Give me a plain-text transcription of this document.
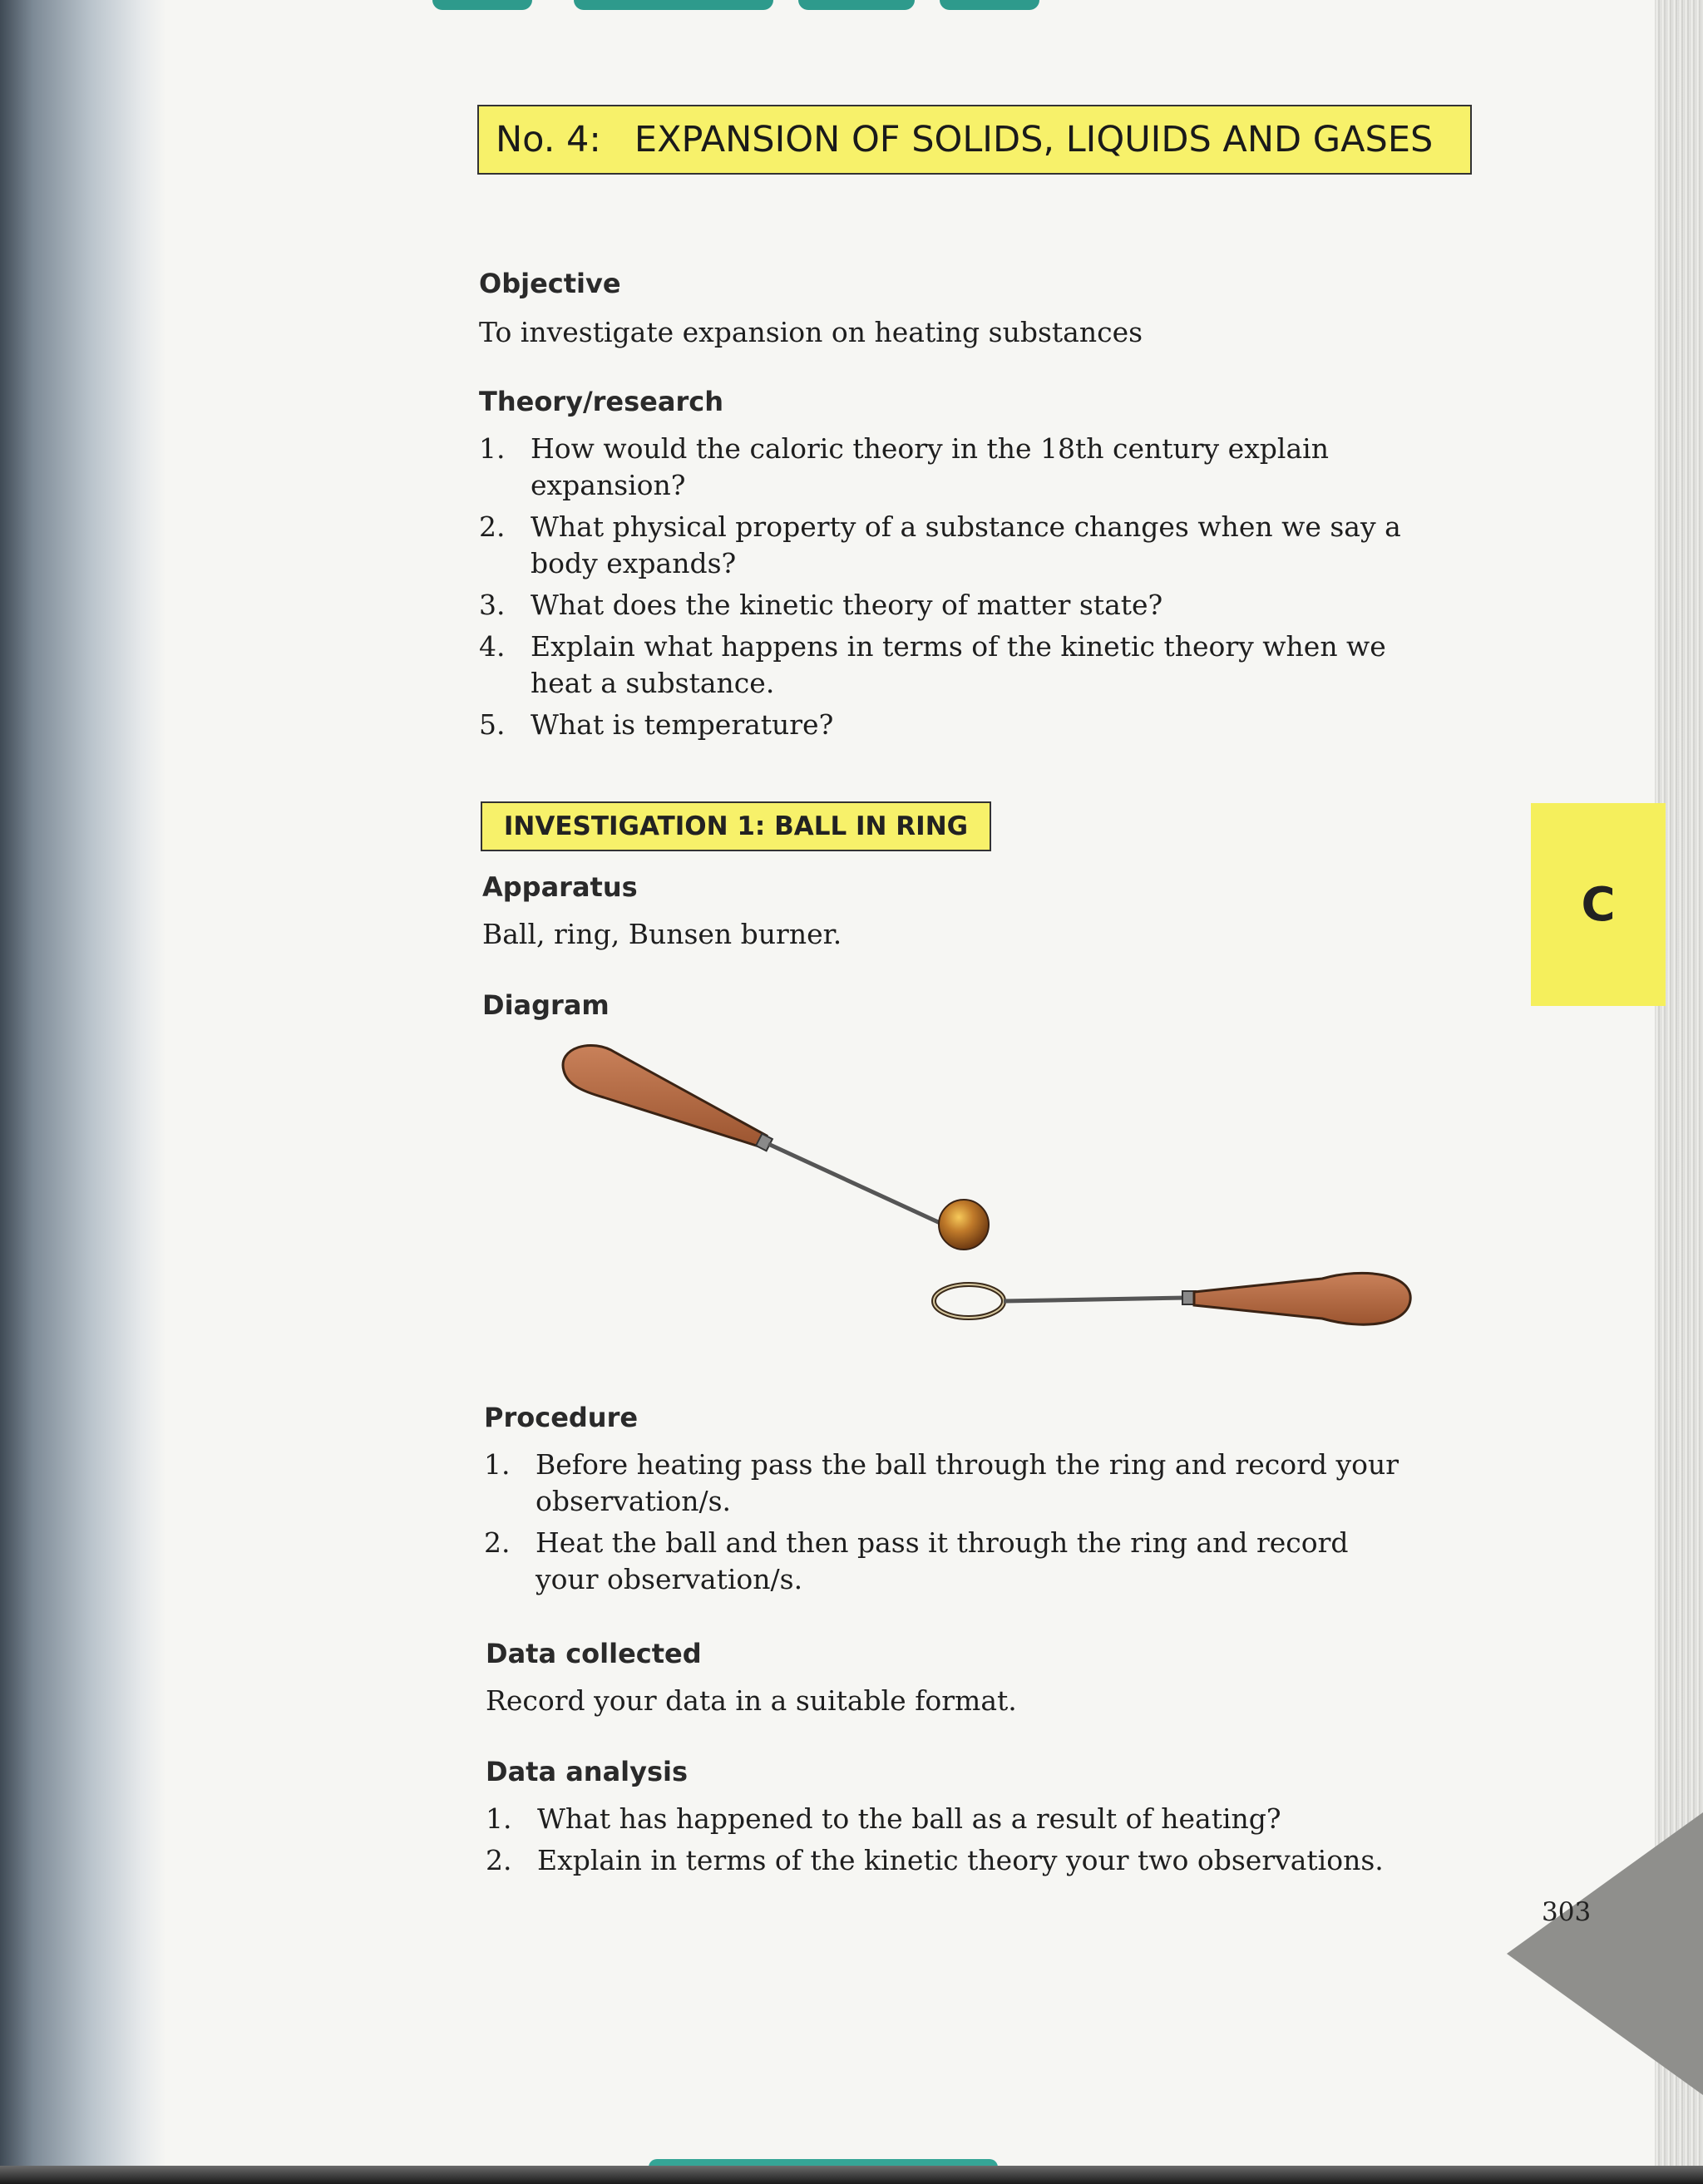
No. 4: EXPANSION OF SOLIDS, LIQUIDS AND GASES
Objective
To investigate expansion on heating substances
Theory/research
1. How would the caloric theory in the 18th century explain expansion?
2. What physical property of a substance changes when we say a body expands?
3. What does the kinetic theory of matter state?
4. Explain what happens in terms of the kinetic theory when we heat a substance.
5. What is temperature?
INVESTIGATION 1: BALL IN RING
C
Apparatus
Ball, ring, Bunsen burner.
Diagram
Procedure
1. Before heating pass the ball through the ring and record your observation/s.
2. Heat the ball and then pass it through the ring and record your observation/s.
Data collected
Record your data in a suitable format.
Data analysis
1. What has happened to the ball as a result of heating?
2. Explain in terms of the kinetic theory your two observations.
303
